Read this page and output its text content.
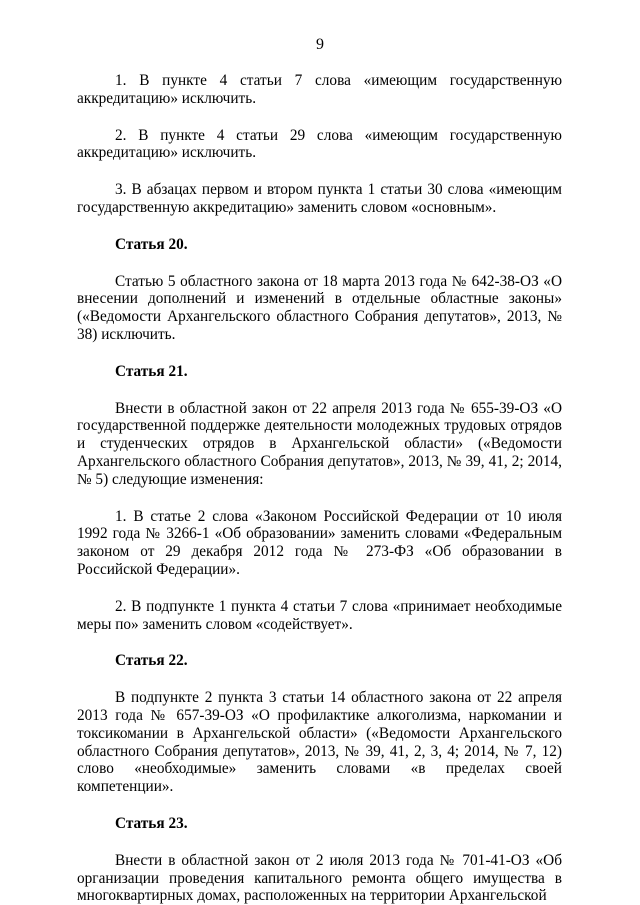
9

1. В пункте 4 статьи 7 слова «имеющим государственную аккредитацию» исключить.

2. В пункте 4 статьи 29 слова «имеющим государственную аккредитацию» исключить.

3. В абзацах первом и втором пункта 1 статьи 30 слова «имеющим государственную аккредитацию» заменить словом «основным».

Статья 20.

Статью 5 областного закона от 18 марта 2013 года № 642-38-ОЗ «О внесении дополнений и изменений в отдельные областные законы» («Ведомости Архангельского областного Собрания депутатов», 2013, № 38) исключить.

Статья 21.

Внести в областной закон от 22 апреля 2013 года № 655-39-ОЗ «О государственной поддержке деятельности молодежных трудовых отрядов и студенческих отрядов в Архангельской области» («Ведомости Архангельского областного Собрания депутатов», 2013, № 39, 41, 2; 2014, № 5) следующие изменения:

1. В статье 2 слова «Законом Российской Федерации от 10 июля 1992 года № 3266-1 «Об образовании» заменить словами «Федеральным законом от 29 декабря 2012 года № 273-ФЗ «Об образовании в Российской Федерации».

2. В подпункте 1 пункта 4 статьи 7 слова «принимает необходимые меры по» заменить словом «содействует».

Статья 22.

В подпункте 2 пункта 3 статьи 14 областного закона от 22 апреля 2013 года № 657-39-ОЗ «О профилактике алкоголизма, наркомании и токсикомании в Архангельской области» («Ведомости Архангельского областного Собрания депутатов», 2013, № 39, 41, 2, 3, 4; 2014, № 7, 12) слово «необходимые» заменить словами «в пределах своей компетенции».

Статья 23.

Внести в областной закон от 2 июля 2013 года № 701-41-ОЗ «Об организации проведения капитального ремонта общего имущества в многоквартирных домах, расположенных на территории Архангельской
